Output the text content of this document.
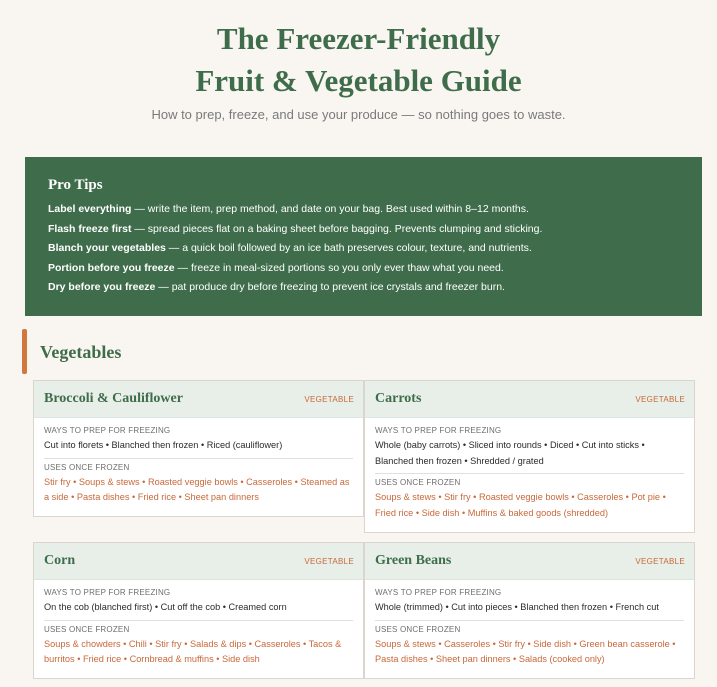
The Freezer-Friendly
Fruit & Vegetable Guide
How to prep, freeze, and use your produce — so nothing goes to waste.
Pro Tips
Label everything — write the item, prep method, and date on your bag. Best used within 8–12 months.
Flash freeze first — spread pieces flat on a baking sheet before bagging. Prevents clumping and sticking.
Blanch your vegetables — a quick boil followed by an ice bath preserves colour, texture, and nutrients.
Portion before you freeze — freeze in meal-sized portions so you only ever thaw what you need.
Dry before you freeze — pat produce dry before freezing to prevent ice crystals and freezer burn.
Vegetables
Broccoli & Cauliflower	VEGETABLE
WAYS TO PREP FOR FREEZING
Cut into florets • Blanched then frozen • Riced (cauliflower)
USES ONCE FROZEN
Stir fry • Soups & stews • Roasted veggie bowls • Casseroles • Steamed as a side • Pasta dishes • Fried rice • Sheet pan dinners
Carrots	VEGETABLE
WAYS TO PREP FOR FREEZING
Whole (baby carrots) • Sliced into rounds • Diced • Cut into sticks • Blanched then frozen • Shredded / grated
USES ONCE FROZEN
Soups & stews • Stir fry • Roasted veggie bowls • Casseroles • Pot pie • Fried rice • Side dish • Muffins & baked goods (shredded)
Corn	VEGETABLE
WAYS TO PREP FOR FREEZING
On the cob (blanched first) • Cut off the cob • Creamed corn
USES ONCE FROZEN
Soups & chowders • Chili • Stir fry • Salads & dips • Casseroles • Tacos & burritos • Fried rice • Cornbread & muffins • Side dish
Green Beans	VEGETABLE
WAYS TO PREP FOR FREEZING
Whole (trimmed) • Cut into pieces • Blanched then frozen • French cut
USES ONCE FROZEN
Soups & stews • Casseroles • Stir fry • Side dish • Green bean casserole • Pasta dishes • Sheet pan dinners • Salads (cooked only)
